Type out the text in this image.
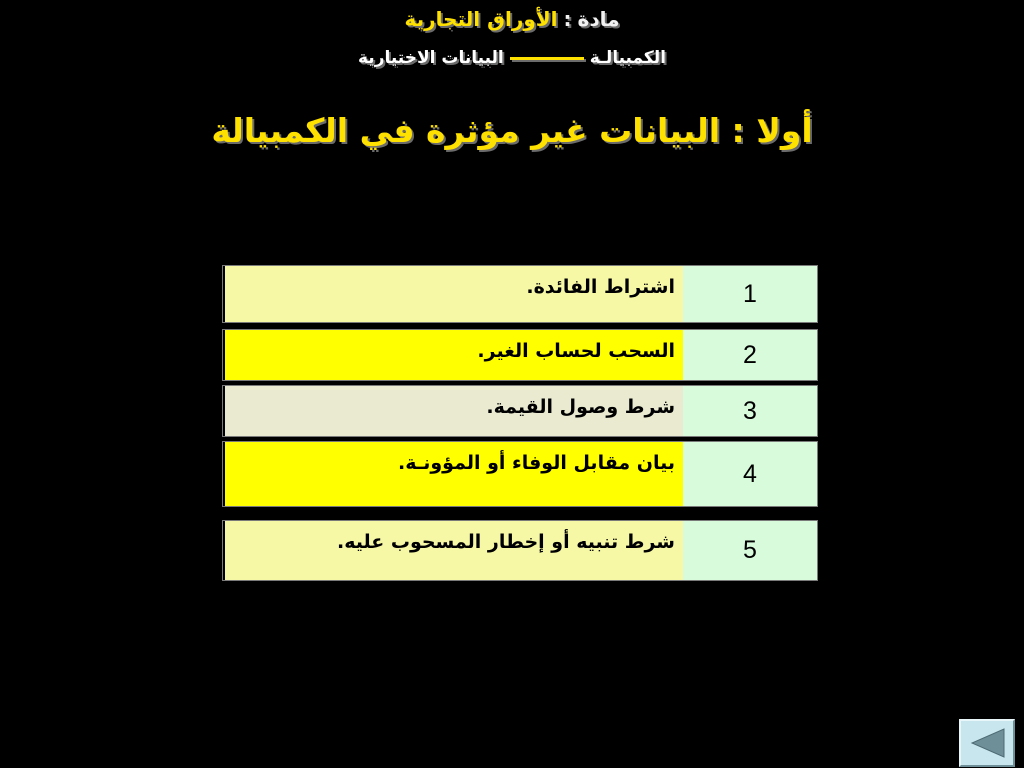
مادة:الأوراق التجارية
الكمبيالـةالبيانات الاختيارية
أولا : البيانات غير مؤثرة في الكمبيالة
اشتراط الفائدة.	1
السحب لحساب الغير.	2
شرط وصول القيمة.	3
بيان مقابل الوفاء أو المؤونـة.	4
شرط تنبيه أو إخطار المسحوب عليه.	5
